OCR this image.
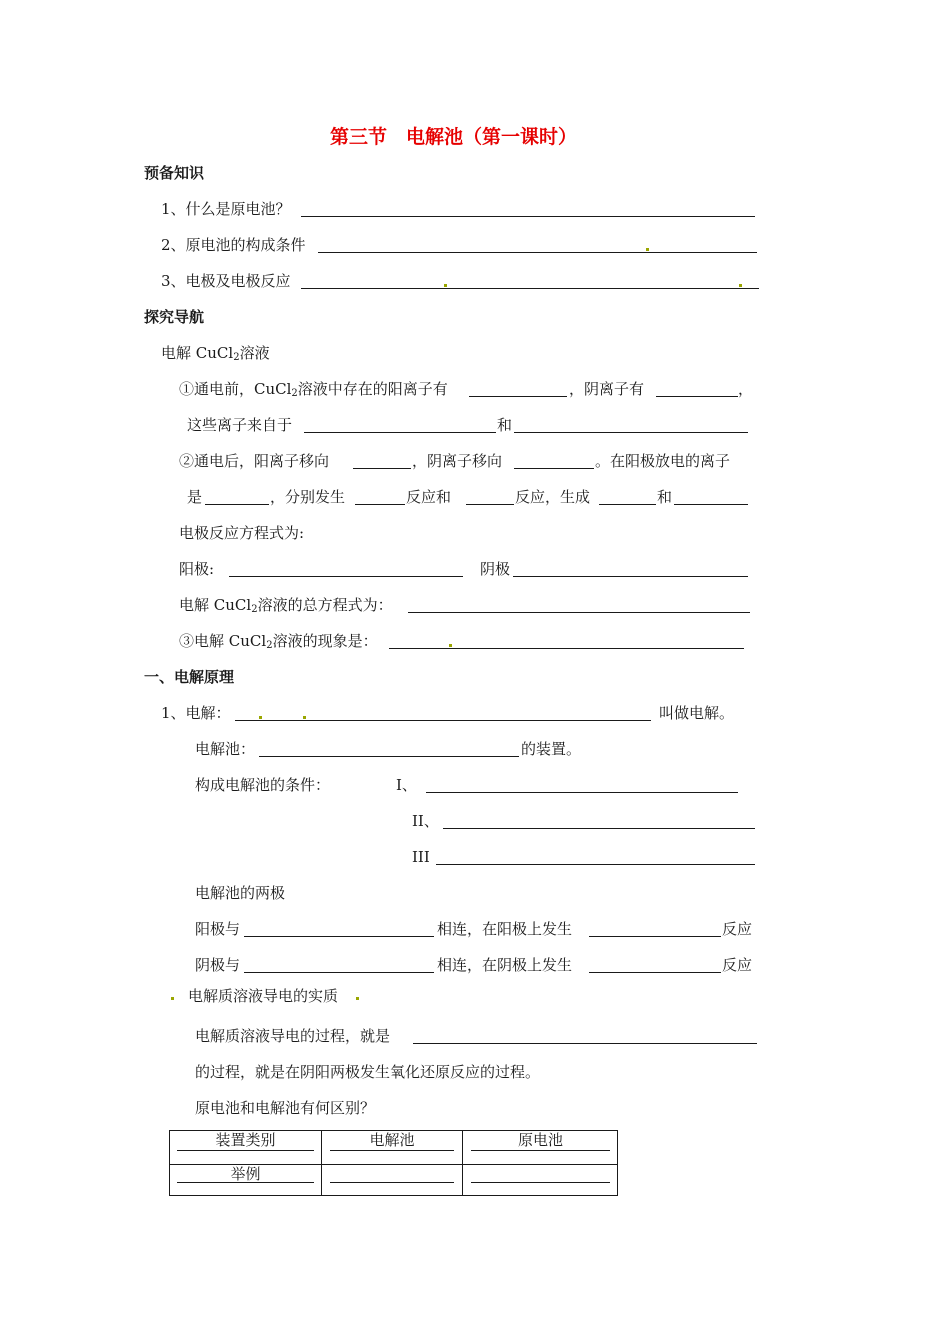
第三节　电解池（第一课时）
预备知识
1、什么是原电池？
2、原电池的构成条件
3、电极及电极反应
探究导航
电解 CuCl$_2$溶液
①通电前，CuCl$_2$溶液中存在的阳离子有	，阴离子有	，
这些离子来自于	和
②通电后，阳离子移向	，阴离子移向	。在阳极放电的离子
是	，分别发生	反应和	反应，生成	和
电极反应方程式为:
阳极:	阴极
电解 CuCl$_2$溶液的总方程式为：
③电解 CuCl$_2$溶液的现象是：
一、电解原理
1、电解：	叫做电解。
电解池：	的装置。
构成电解池的条件：	I、
II、
III
电解池的两极
阳极与	相连，在阳极上发生	反应
阴极与	相连，在阴极上发生	反应
电解质溶液导电的实质
电解质溶液导电的过程，就是
的过程，就是在阴阳两极发生氧化还原反应的过程。
原电池和电解池有何区别？
装置类别	电解池	原电池
举例
